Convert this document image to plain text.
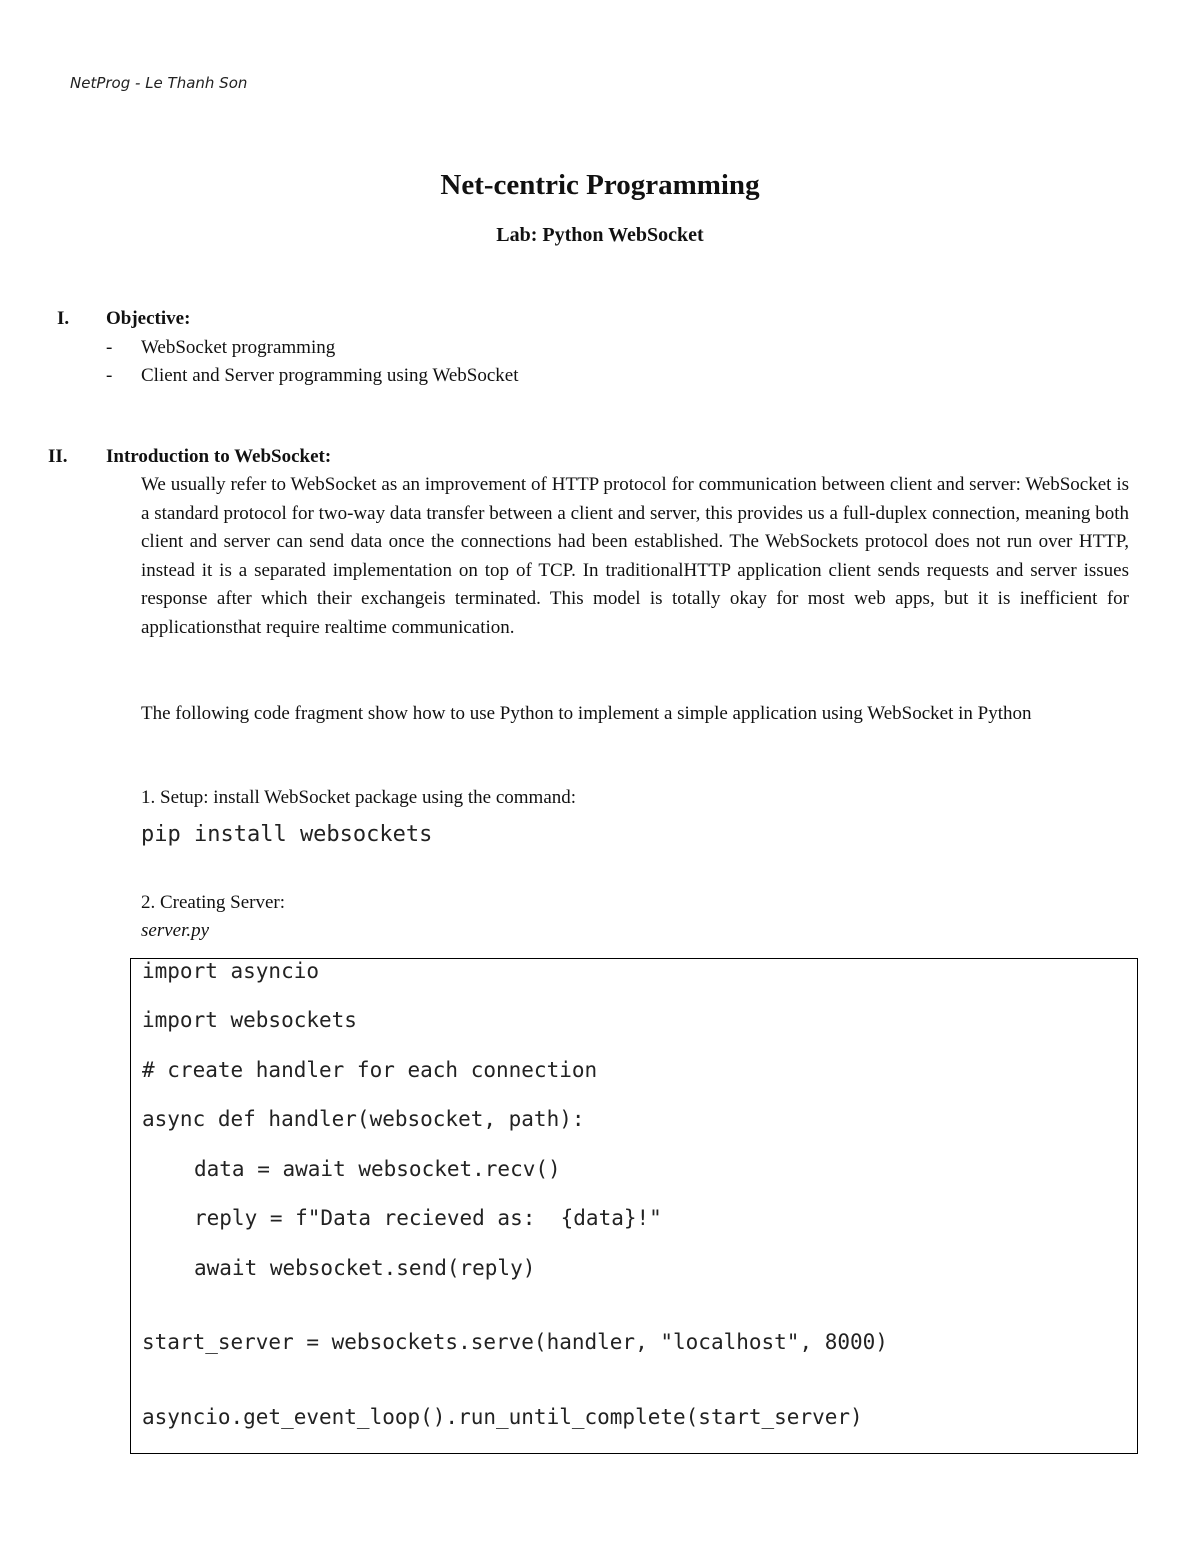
NetProg - Le Thanh Son
Net-centric Programming
Lab: Python WebSocket
I. Objective:
- WebSocket programming
- Client and Server programming using WebSocket
II. Introduction to WebSocket:
We usually refer to WebSocket as an improvement of HTTP protocol for communication between client and server: WebSocket is a standard protocol for two-way data transfer between a client and server, this provides us a full-duplex connection, meaning both client and server can send data once the connections had been established. The WebSockets protocol does not run over HTTP, instead it is a separated implementation on top of TCP. In traditionalHTTP application client sends requests and server issues response after which their exchangeis terminated. This model is totally okay for most web apps, but it is inefficient for applicationsthat require realtime communication.
The following code fragment show how to use Python to implement a simple application using WebSocket in Python
1. Setup: install WebSocket package using the command:
pip install websockets
2. Creating Server:
server.py
import asyncio
import websockets
# create handler for each connection
async def handler(websocket, path):
data = await websocket.recv()
reply = f"Data recieved as:  {data}!"
await websocket.send(reply)
start_server = websockets.serve(handler, "localhost", 8000)
asyncio.get_event_loop().run_until_complete(start_server)
